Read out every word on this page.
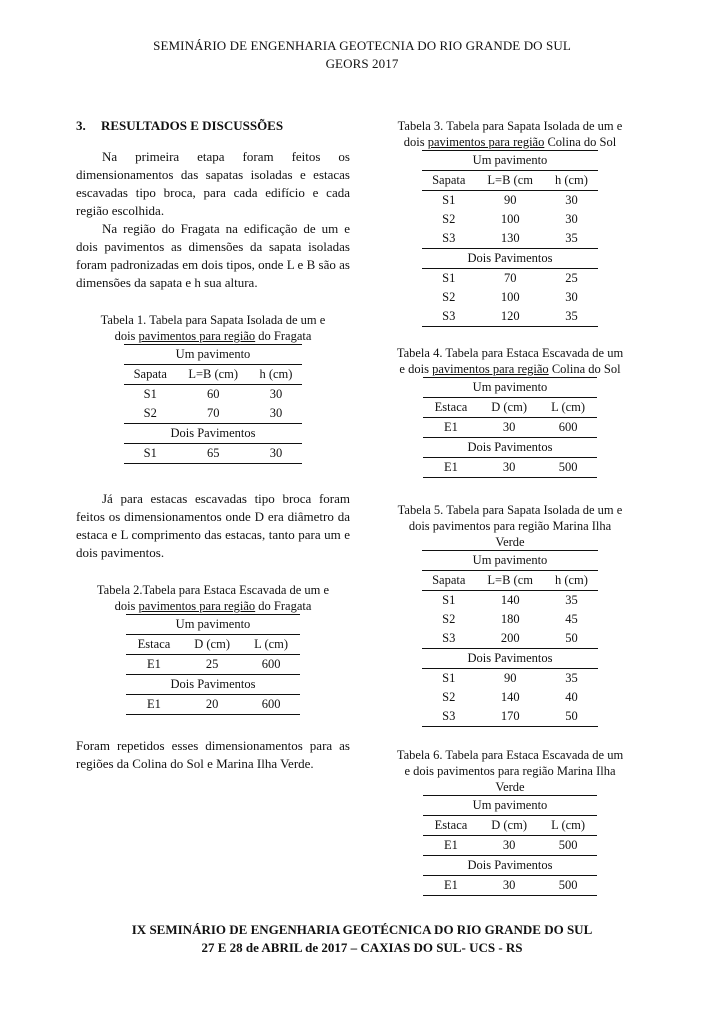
SEMINÁRIO DE ENGENHARIA GEOTECNIA DO RIO GRANDE DO SUL
GEORS 2017
3. RESULTADOS E DISCUSSÕES

Na primeira etapa foram feitos os dimensionamentos das sapatas isoladas e estacas escavadas tipo broca, para cada edifício e cada região escolhida.

Na região do Fragata na edificação de um e dois pavimentos as dimensões da sapata isoladas foram padronizadas em dois tipos, onde L e B são as dimensões da sapata e h sua altura.

Tabela 1. Tabela para Sapata Isolada de um e
dois pavimentos para região do Fragata
Um pavimento		
Sapata	L=B (cm)	h (cm)
S1	60	30
S2	70	30
Dois Pavimentos		
S1	65	30

Já para estacas escavadas tipo broca foram feitos os dimensionamentos onde D era diâmetro da estaca e L comprimento das estacas, tanto para um e dois pavimentos.

Tabela 2.Tabela para Estaca Escavada de um e
dois pavimentos para região do Fragata
Um pavimento		
Estaca	D (cm)	L (cm)
E1	25	600
Dois Pavimentos		
E1	20	600

Foram repetidos esses dimensionamentos para as regiões da Colina do Sol e Marina Ilha Verde.

Tabela 3. Tabela para Sapata Isolada de um e
dois pavimentos para região Colina do Sol
Um pavimento		
Sapata	L=B (cm	h (cm)
S1	90	30
S2	100	30
S3	130	35
Dois Pavimentos		
S1	70	25
S2	100	30
S3	120	35
Tabela 4. Tabela para Estaca Escavada de um
e dois pavimentos para região Colina do Sol
Um pavimento		
Estaca	D (cm)	L (cm)
E1	30	600
Dois Pavimentos		
E1	30	500
Tabela 5. Tabela para Sapata Isolada de um e
dois pavimentos para região Marina Ilha
Verde
Um pavimento		
Sapata	L=B (cm	h (cm)
S1	140	35
S2	180	45
S3	200	50
Dois Pavimentos		
S1	90	35
S2	140	40
S3	170	50
Tabela 6. Tabela para Estaca Escavada de um
e dois pavimentos para região Marina Ilha
Verde
Um pavimento		
Estaca	D (cm)	L (cm)
E1	30	500
Dois Pavimentos		
E1	30	500
IX SEMINÁRIO DE ENGENHARIA GEOTÉCNICA DO RIO GRANDE DO SUL
27 E 28 de ABRIL de 2017 – CAXIAS DO SUL- UCS - RS
